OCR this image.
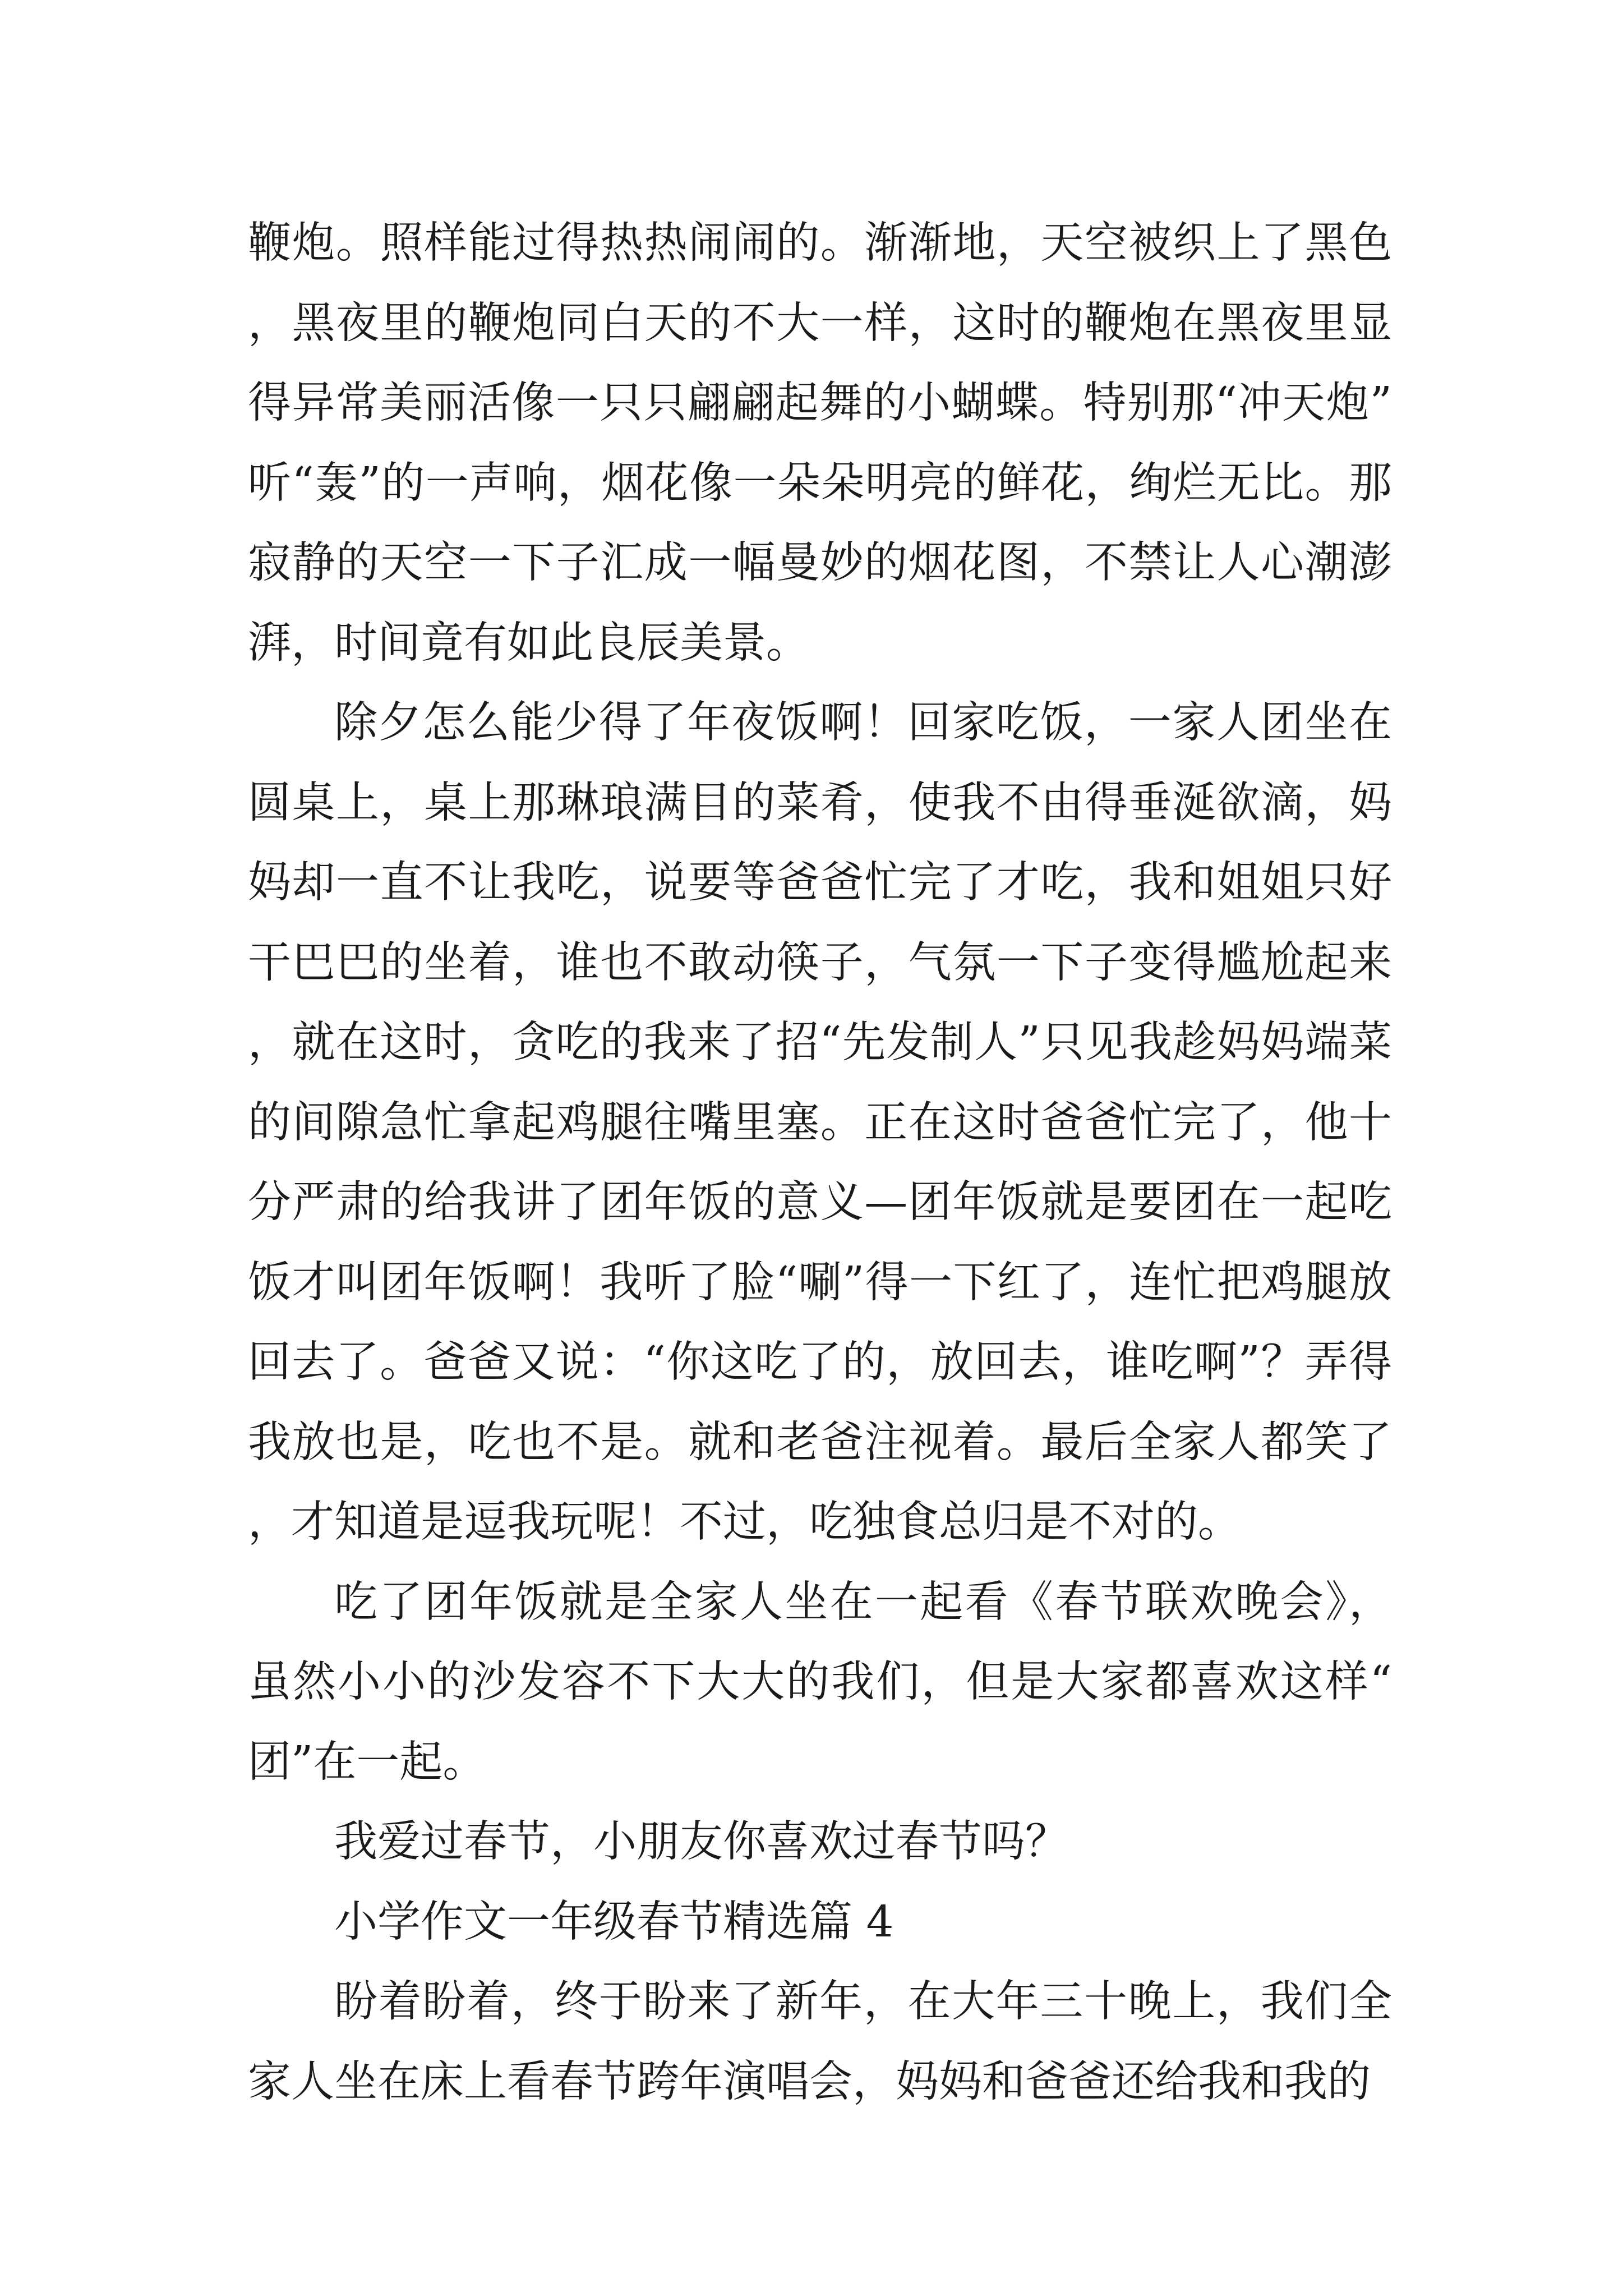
鞭炮。照样能过得热热闹闹的。渐渐地，天空被织上了黑色，黑夜里的鞭炮同白天的不大一样，这时的鞭炮在黑夜里显得异常美丽活像一只只翩翩起舞的小蝴蝶。特别那“冲天炮”听“轰”的一声响，烟花像一朵朵明亮的鲜花，绚烂无比。那寂静的天空一下子汇成一幅曼妙的烟花图，不禁让人心潮澎湃，时间竟有如此良辰美景。

除夕怎么能少得了年夜饭啊！回家吃饭，一家人团坐在圆桌上，桌上那琳琅满目的菜肴，使我不由得垂涎欲滴，妈妈却一直不让我吃，说要等爸爸忙完了才吃，我和姐姐只好干巴巴的坐着，谁也不敢动筷子，气氛一下子变得尴尬起来，就在这时，贪吃的我来了招“先发制人”只见我趁妈妈端菜的间隙急忙拿起鸡腿往嘴里塞。正在这时爸爸忙完了，他十分严肃的给我讲了团年饭的意义—团年饭就是要团在一起吃饭才叫团年饭啊！我听了脸“唰”得一下红了，连忙把鸡腿放回去了。爸爸又说：“你这吃了的，放回去，谁吃啊”？弄得我放也是，吃也不是。就和老爸注视着。最后全家人都笑了，才知道是逗我玩呢！不过，吃独食总归是不对的。

吃了团年饭就是全家人坐在一起看《春节联欢晚会》，虽然小小的沙发容不下大大的我们，但是大家都喜欢这样“团”在一起。

我爱过春节，小朋友你喜欢过春节吗？

小学作文一年级春节精选篇 4

盼着盼着，终于盼来了新年，在大年三十晚上，我们全家人坐在床上看春节跨年演唱会，妈妈和爸爸还给我和我的
